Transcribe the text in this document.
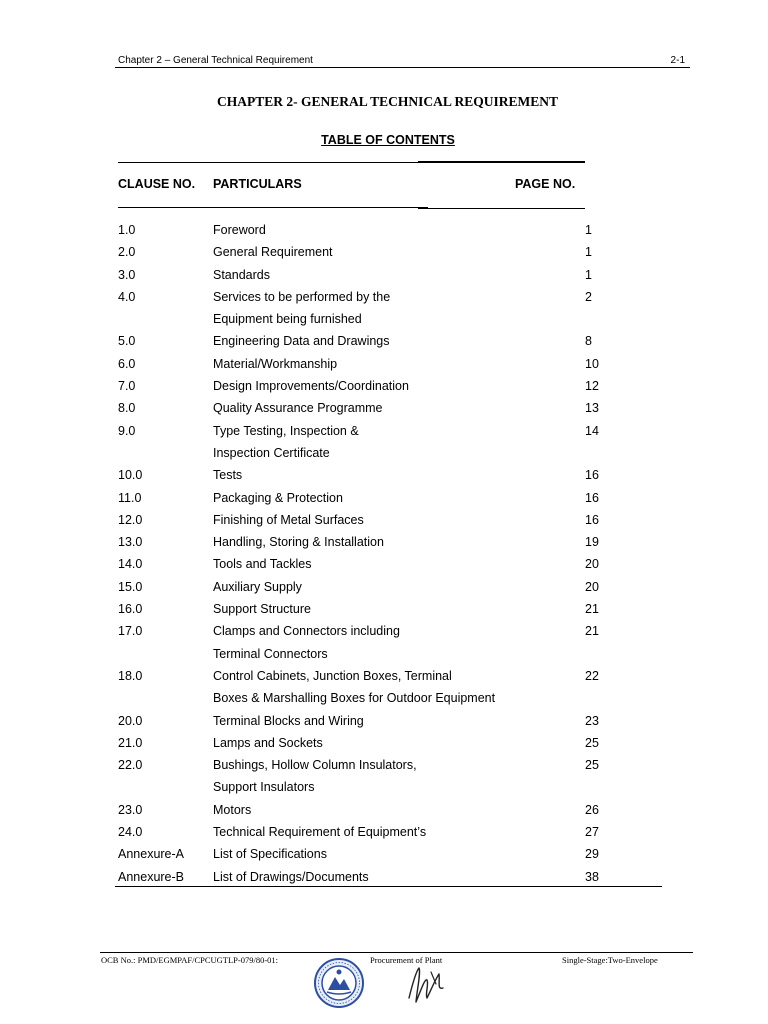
Chapter 2 – General Technical Requirement	2-1
CHAPTER 2- GENERAL TECHNICAL REQUIREMENT
TABLE OF CONTENTS
CLAUSE NO. PARTICULARS	PAGE NO.
1.0	Foreword	1
2.0	General Requirement	1
3.0	Standards	1
4.0	Services to be performed by the	2
Equipment being furnished
5.0	Engineering Data and Drawings	8
6.0	Material/Workmanship	10
7.0	Design Improvements/Coordination	12
8.0	Quality Assurance Programme	13
9.0	Type Testing, Inspection &	14
Inspection Certificate
10.0	Tests	16
11.0	Packaging & Protection	16
12.0	Finishing of Metal Surfaces	16
13.0	Handling, Storing & Installation	19
14.0	Tools and Tackles	20
15.0	Auxiliary Supply	20
16.0	Support Structure	21
17.0	Clamps and Connectors including	21
Terminal Connectors
18.0	Control Cabinets, Junction Boxes, Terminal	22
Boxes & Marshalling Boxes for Outdoor Equipment
20.0	Terminal Blocks and Wiring	23
21.0	Lamps and Sockets	25
22.0	Bushings, Hollow Column Insulators,	25
Support Insulators
23.0	Motors	26
24.0	Technical Requirement of Equipment’s	27
Annexure-A List of Specifications	29
Annexure-B List of Drawings/Documents	38
OCB No.: PMD/EGMPAF/CPCUGTLP-079/80-01:	Procurement of Plant	Single-Stage:Two-Envelope
